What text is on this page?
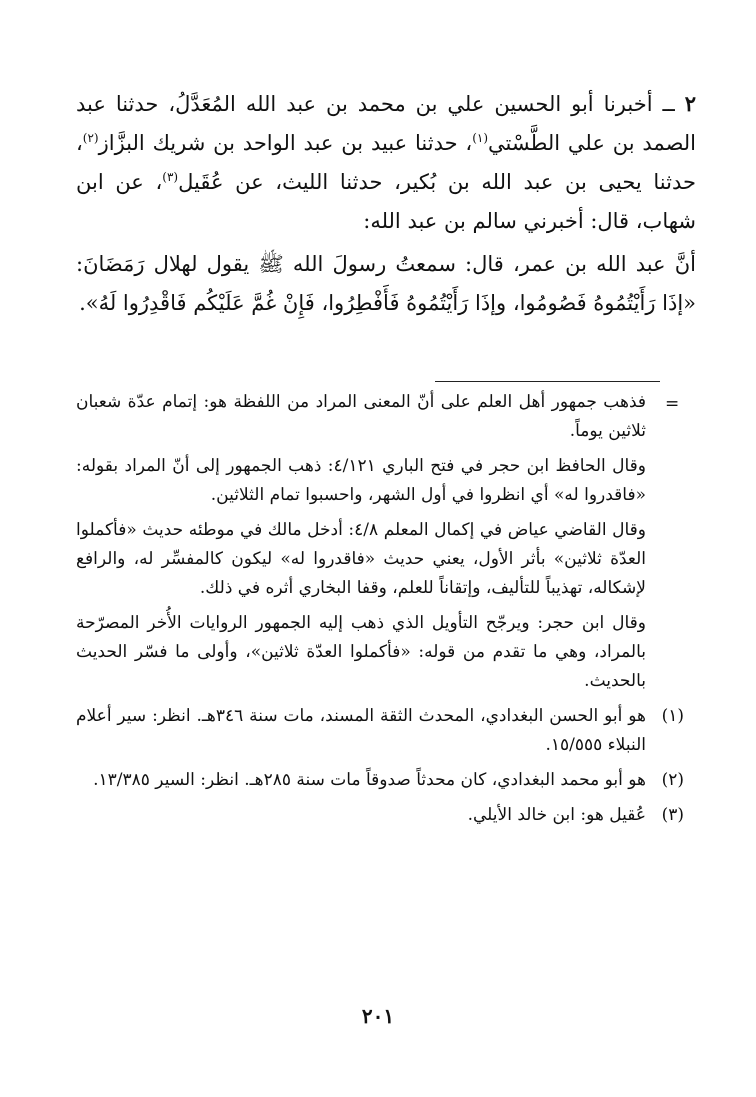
٢ ــ أخبرنا أبو الحسين علي بن محمد بن عبد الله المُعَدَّلُ، حدثنا عبد الصمد بن علي الطَّسْتي$^{(١)}$، حدثنا عبيد بن عبد الواحد بن شريك البزَّاز$^{(٢)}$، حدثنا يحيى بن عبد الله بن بُكير، حدثنا الليث، عن عُقَيل$^{(٣)}$، عن ابن شهاب، قال: أخبرني سالم بن عبد الله:

أنَّ عبد الله بن عمر، قال: سمعتُ رسولَ الله ﷺ يقول لهلال رَمَضَانَ: «إذَا رَأَيْتُمُوهُ فَصُومُوا، وإذَا رَأَيْتُمُوهُ فَأَفْطِرُوا، فَإِنْ غُمَّ عَلَيْكُم فَاقْدِرُوا لَهُ».

=

فذهب جمهور أهل العلم على أنّ المعنى المراد من اللفظة هو: إتمام عدّة شعبان ثلاثين يوماً.

وقال الحافظ ابن حجر في فتح الباري ٤/١٢١: ذهب الجمهور إلى أنّ المراد بقوله: «فاقدروا له» أي انظروا في أول الشهر، واحسبوا تمام الثلاثين.

وقال القاضي عياض في إكمال المعلم ٤/٨: أدخل مالك في موطئه حديث «فأكملوا العدّة ثلاثين» بأثر الأول، يعني حديث «فاقدروا له» ليكون كالمفسِّر له، والرافع لإشكاله، تهذيباً للتأليف، وإتقاناً للعلم، وقفا البخاري أثره في ذلك.

وقال ابن حجر: ويرجّح التأويل الذي ذهب إليه الجمهور الروايات الأُخر المصرّحة بالمراد، وهي ما تقدم من قوله: «فأكملوا العدّة ثلاثين»، وأولى ما فسّر الحديث بالحديث.

(١)
هو أبو الحسن البغدادي، المحدث الثقة المسند، مات سنة ٣٤٦هـ. انظر: سير أعلام النبلاء ١٥/٥٥٥.

(٢)
هو أبو محمد البغدادي، كان محدثاً صدوقاً مات سنة ٢٨٥هـ. انظر: السير ١٣/٣٨٥.

(٣)
عُقيل هو: ابن خالد الأيلي.

٢٠١
